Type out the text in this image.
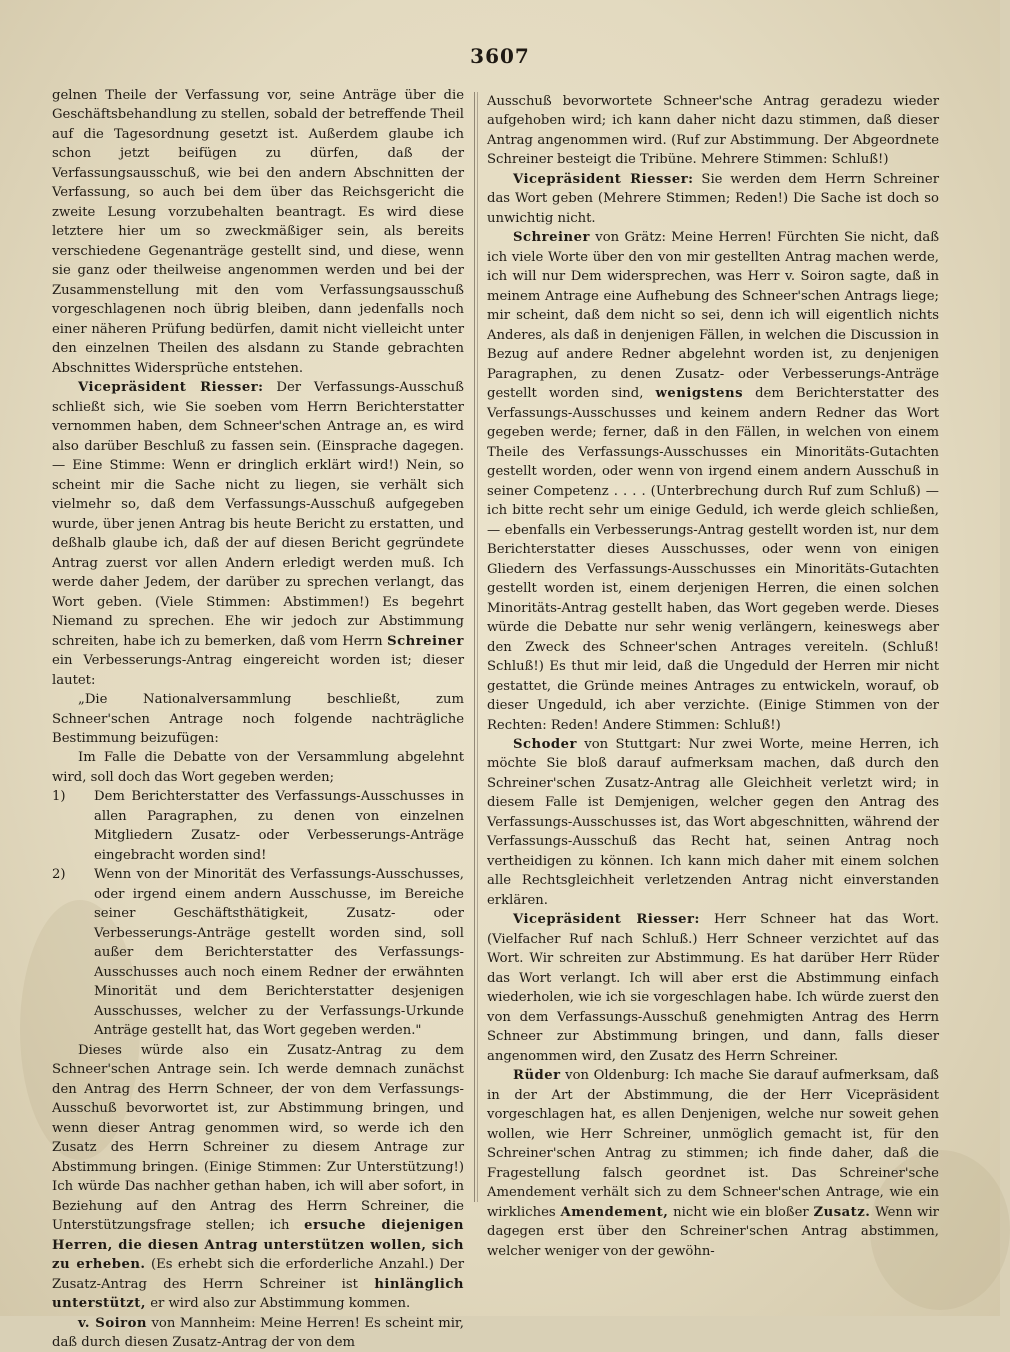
3607

gelnen Theile der Verfassung vor, seine Anträge über die Geschäftsbehandlung zu stellen, sobald der betreffende Theil auf die Tagesordnung gesetzt ist. Außerdem glaube ich schon jetzt beifügen zu dürfen, daß der Verfassungsausschuß, wie bei den andern Abschnitten der Verfassung, so auch bei dem über das Reichsgericht die zweite Lesung vorzubehalten beantragt. Es wird diese letztere hier um so zweckmäßiger sein, als bereits verschiedene Gegenanträge gestellt sind, und diese, wenn sie ganz oder theilweise angenommen werden und bei der Zusammenstellung mit den vom Verfassungsausschuß vorgeschlagenen noch übrig bleiben, dann jedenfalls noch einer näheren Prüfung bedürfen, damit nicht vielleicht unter den einzelnen Theilen des alsdann zu Stande gebrachten Abschnittes Widersprüche entstehen.

Vicepräsident Riesser: Der Verfassungs-Ausschuß schließt sich, wie Sie soeben vom Herrn Berichterstatter vernommen haben, dem Schneer'schen Antrage an, es wird also darüber Beschluß zu fassen sein. (Einsprache dagegen. — Eine Stimme: Wenn er dringlich erklärt wird!) Nein, so scheint mir die Sache nicht zu liegen, sie verhält sich vielmehr so, daß dem Verfassungs-Ausschuß aufgegeben wurde, über jenen Antrag bis heute Bericht zu erstatten, und deßhalb glaube ich, daß der auf diesen Bericht gegründete Antrag zuerst vor allen Andern erledigt werden muß. Ich werde daher Jedem, der darüber zu sprechen verlangt, das Wort geben. (Viele Stimmen: Abstimmen!) Es begehrt Niemand zu sprechen. Ehe wir jedoch zur Abstimmung schreiten, habe ich zu bemerken, daß vom Herrn Schreiner ein Verbesserungs-Antrag eingereicht worden ist; dieser lautet:

„Die Nationalversammlung beschließt, zum Schneer'schen Antrage noch folgende nachträgliche Bestimmung beizufügen:

Im Falle die Debatte von der Versammlung abgelehnt wird, soll doch das Wort gegeben werden;

1)	Dem Berichterstatter des Verfassungs-Ausschusses in allen Paragraphen, zu denen von einzelnen Mitgliedern Zusatz- oder Verbesserungs-Anträge eingebracht worden sind!
2)	Wenn von der Minorität des Verfassungs-Ausschusses, oder irgend einem andern Ausschusse, im Bereiche seiner Geschäftsthätigkeit, Zusatz- oder Verbesserungs-Anträge gestellt worden sind, soll außer dem Berichterstatter des Verfassungs-Ausschusses auch noch einem Redner der erwähnten Minorität und dem Berichterstatter desjenigen Ausschusses, welcher zu der Verfassungs-Urkunde Anträge gestellt hat, das Wort gegeben werden."

Dieses würde also ein Zusatz-Antrag zu dem Schneer'schen Antrage sein. Ich werde demnach zunächst den Antrag des Herrn Schneer, der von dem Verfassungs-Ausschuß bevorwortet ist, zur Abstimmung bringen, und wenn dieser Antrag genommen wird, so werde ich den Zusatz des Herrn Schreiner zu diesem Antrage zur Abstimmung bringen. (Einige Stimmen: Zur Unterstützung!) Ich würde Das nachher gethan haben, ich will aber sofort, in Beziehung auf den Antrag des Herrn Schreiner, die Unterstützungsfrage stellen; ich ersuche diejenigen Herren, die diesen Antrag unterstützen wollen, sich zu erheben. (Es erhebt sich die erforderliche Anzahl.) Der Zusatz-Antrag des Herrn Schreiner ist hinlänglich unterstützt, er wird also zur Abstimmung kommen.

v. Soiron von Mannheim: Meine Herren! Es scheint mir, daß durch diesen Zusatz-Antrag der von dem

Ausschuß bevorwortete Schneer'sche Antrag geradezu wieder aufgehoben wird; ich kann daher nicht dazu stimmen, daß dieser Antrag angenommen wird. (Ruf zur Abstimmung. Der Abgeordnete Schreiner besteigt die Tribüne. Mehrere Stimmen: Schluß!)

Vicepräsident Riesser: Sie werden dem Herrn Schreiner das Wort geben (Mehrere Stimmen; Reden!) Die Sache ist doch so unwichtig nicht.

Schreiner von Grätz: Meine Herren! Fürchten Sie nicht, daß ich viele Worte über den von mir gestellten Antrag machen werde, ich will nur Dem widersprechen, was Herr v. Soiron sagte, daß in meinem Antrage eine Aufhebung des Schneer'schen Antrags liege; mir scheint, daß dem nicht so sei, denn ich will eigentlich nichts Anderes, als daß in denjenigen Fällen, in welchen die Discussion in Bezug auf andere Redner abgelehnt worden ist, zu denjenigen Paragraphen, zu denen Zusatz- oder Verbesserungs-Anträge gestellt worden sind, wenigstens dem Berichterstatter des Verfassungs-Ausschusses und keinem andern Redner das Wort gegeben werde; ferner, daß in den Fällen, in welchen von einem Theile des Verfassungs-Ausschusses ein Minoritäts-Gutachten gestellt worden, oder wenn von irgend einem andern Ausschuß in seiner Competenz . . . . (Unterbrechung durch Ruf zum Schluß) — ich bitte recht sehr um einige Geduld, ich werde gleich schließen, — ebenfalls ein Verbesserungs-Antrag gestellt worden ist, nur dem Berichterstatter dieses Ausschusses, oder wenn von einigen Gliedern des Verfassungs-Ausschusses ein Minoritäts-Gutachten gestellt worden ist, einem derjenigen Herren, die einen solchen Minoritäts-Antrag gestellt haben, das Wort gegeben werde. Dieses würde die Debatte nur sehr wenig verlängern, keineswegs aber den Zweck des Schneer'schen Antrages vereiteln. (Schluß! Schluß!) Es thut mir leid, daß die Ungeduld der Herren mir nicht gestattet, die Gründe meines Antrages zu entwickeln, worauf, ob dieser Ungeduld, ich aber verzichte. (Einige Stimmen von der Rechten: Reden! Andere Stimmen: Schluß!)

Schoder von Stuttgart: Nur zwei Worte, meine Herren, ich möchte Sie bloß darauf aufmerksam machen, daß durch den Schreiner'schen Zusatz-Antrag alle Gleichheit verletzt wird; in diesem Falle ist Demjenigen, welcher gegen den Antrag des Verfassungs-Ausschusses ist, das Wort abgeschnitten, während der Verfassungs-Ausschuß das Recht hat, seinen Antrag noch vertheidigen zu können. Ich kann mich daher mit einem solchen alle Rechtsgleichheit verletzenden Antrag nicht einverstanden erklären.

Vicepräsident Riesser: Herr Schneer hat das Wort. (Vielfacher Ruf nach Schluß.) Herr Schneer verzichtet auf das Wort. Wir schreiten zur Abstimmung. Es hat darüber Herr Rüder das Wort verlangt. Ich will aber erst die Abstimmung einfach wiederholen, wie ich sie vorgeschlagen habe. Ich würde zuerst den von dem Verfassungs-Ausschuß genehmigten Antrag des Herrn Schneer zur Abstimmung bringen, und dann, falls dieser angenommen wird, den Zusatz des Herrn Schreiner.

Rüder von Oldenburg: Ich mache Sie darauf aufmerksam, daß in der Art der Abstimmung, die der Herr Vicepräsident vorgeschlagen hat, es allen Denjenigen, welche nur soweit gehen wollen, wie Herr Schreiner, unmöglich gemacht ist, für den Schreiner'schen Antrag zu stimmen; ich finde daher, daß die Fragestellung falsch geordnet ist. Das Schreiner'sche Amendement verhält sich zu dem Schneer'schen Antrage, wie ein wirkliches Amendement, nicht wie ein bloßer Zusatz. Wenn wir dagegen erst über den Schreiner'schen Antrag abstimmen, welcher weniger von der gewöhn-
